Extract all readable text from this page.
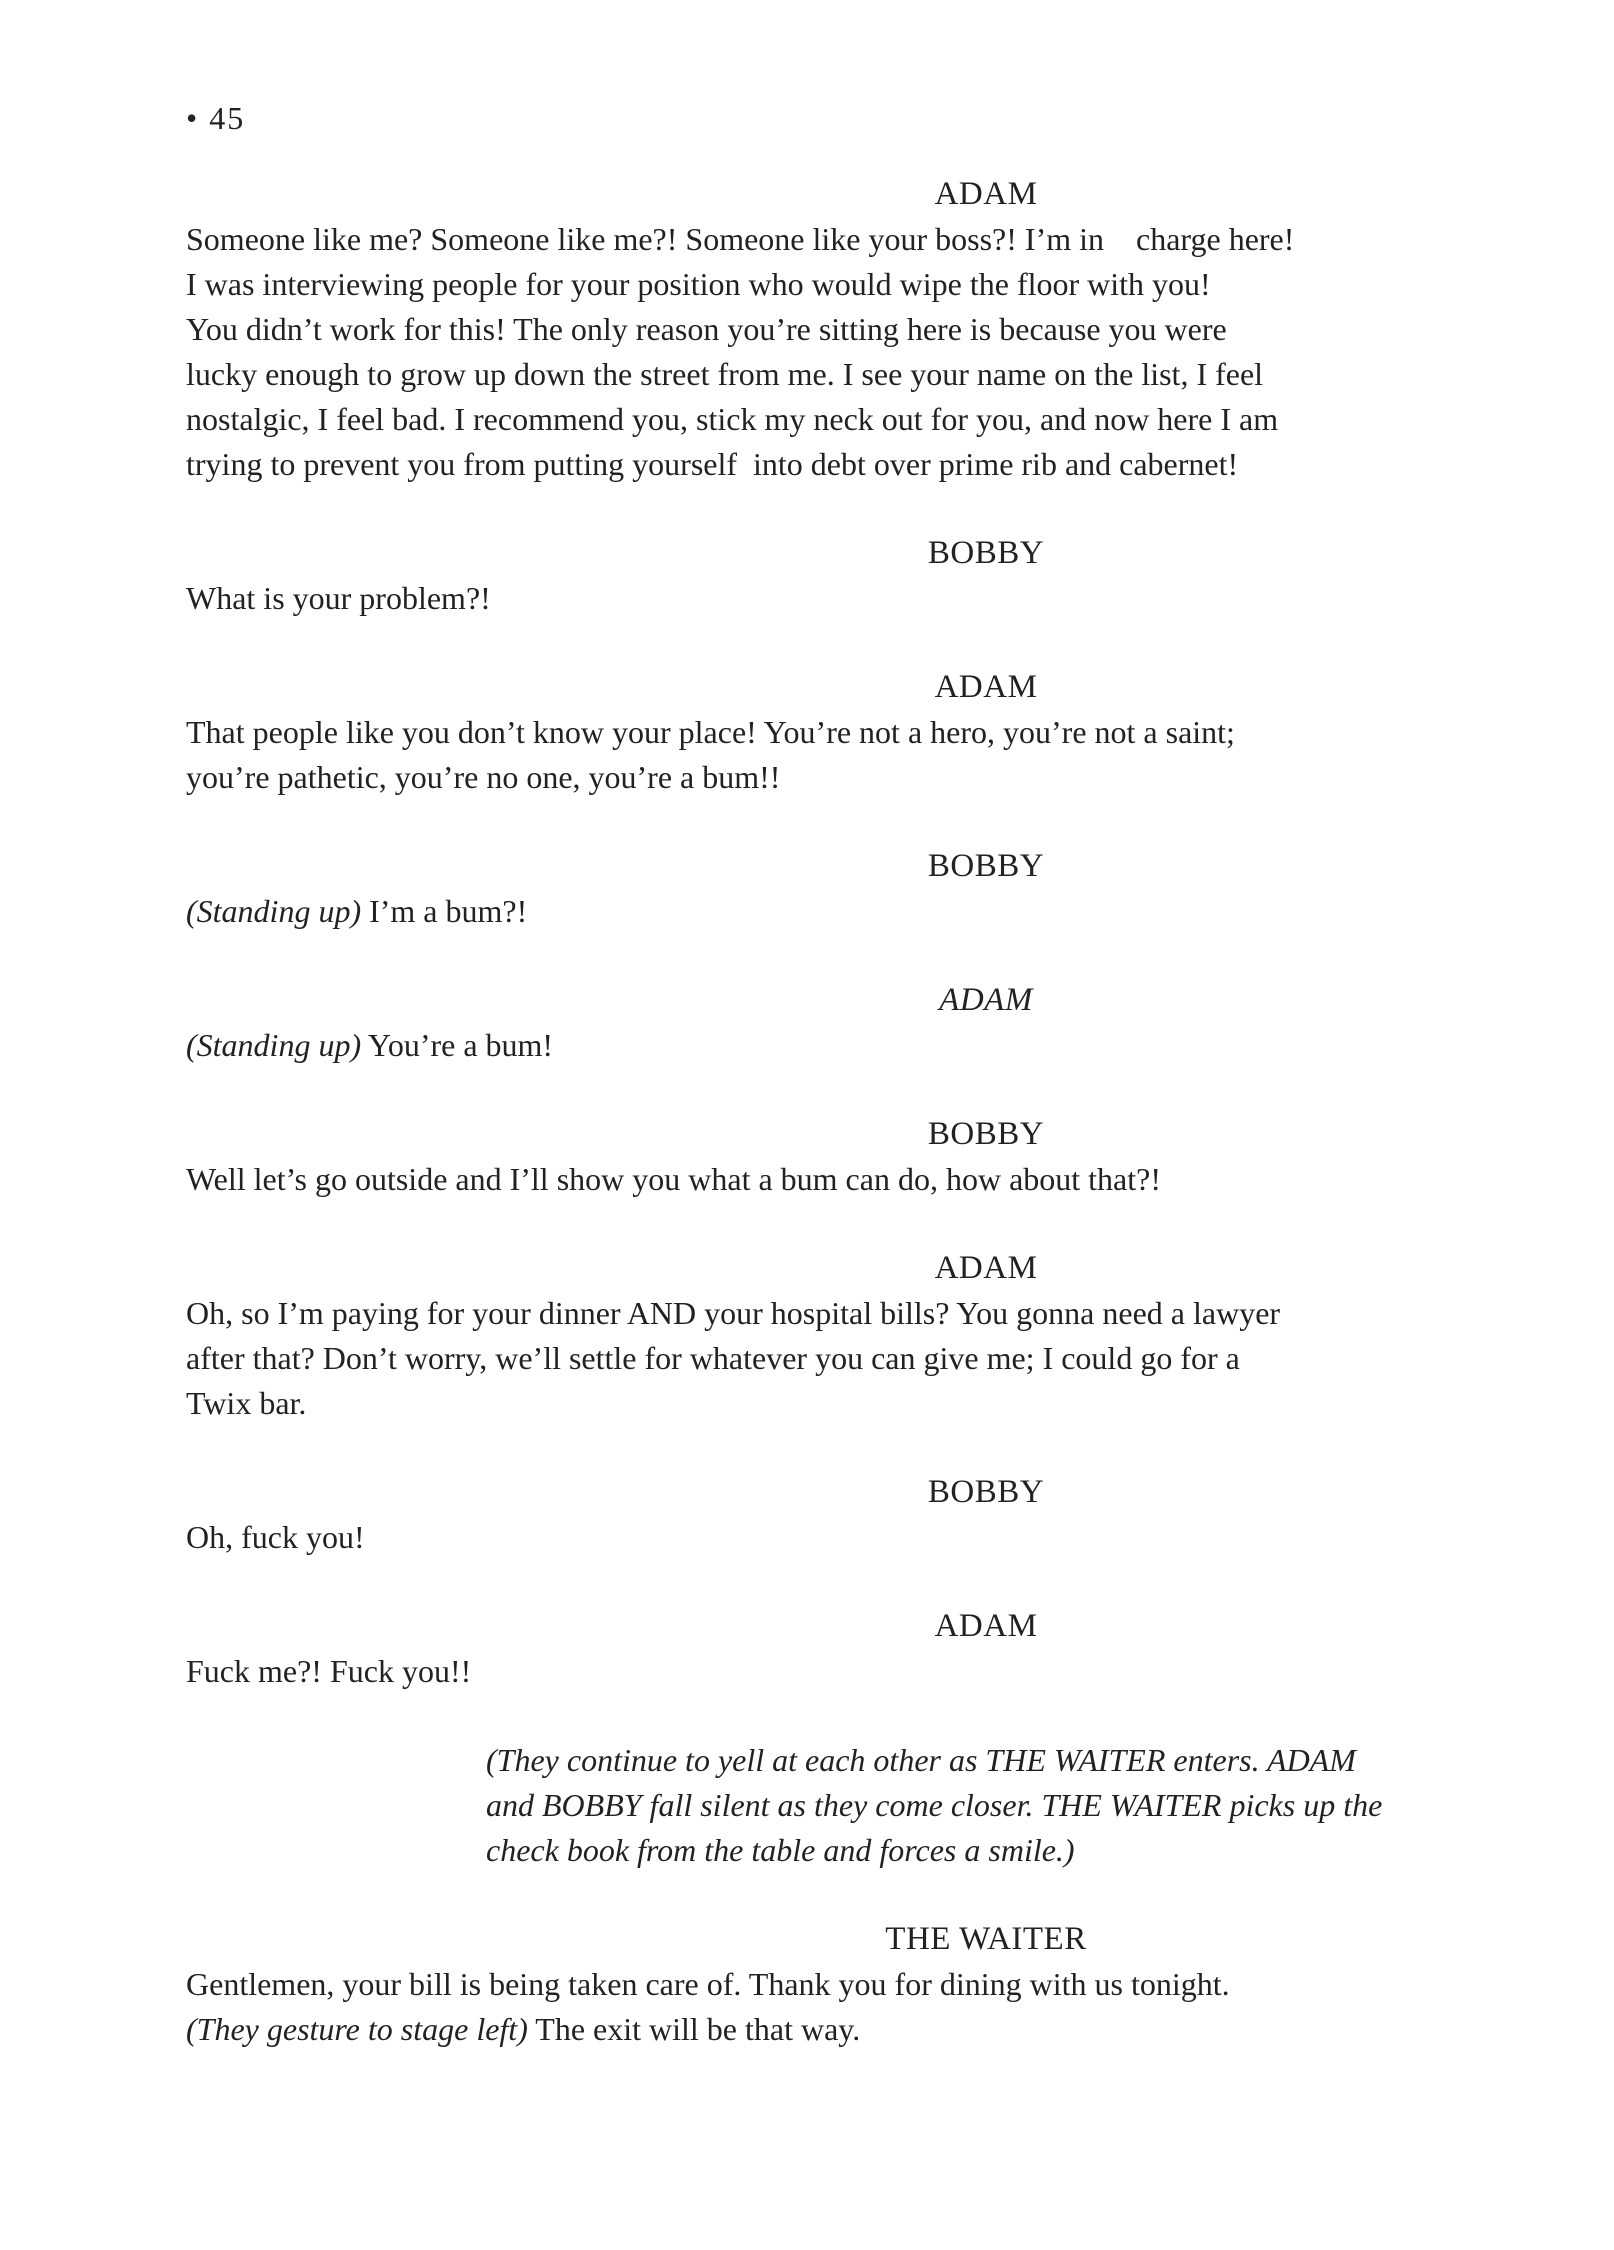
• 45
ADAM
Someone like me? Someone like me?! Someone like your boss?! I’m in    charge here!
I was interviewing people for your position who would wipe the floor with you!
You didn’t work for this! The only reason you’re sitting here is because you were
lucky enough to grow up down the street from me. I see your name on the list, I feel
nostalgic, I feel bad. I recommend you, stick my neck out for you, and now here I am
trying to prevent you from putting yourself  into debt over prime rib and cabernet!
BOBBY
What is your problem?!
ADAM
That people like you don’t know your place! You’re not a hero, you’re not a saint;
you’re pathetic, you’re no one, you’re a bum!!
BOBBY
(Standing up) I’m a bum?!
ADAM
(Standing up) You’re a bum!
BOBBY
Well let’s go outside and I’ll show you what a bum can do, how about that?!
ADAM
Oh, so I’m paying for your dinner AND your hospital bills? You gonna need a lawyer
after that? Don’t worry, we’ll settle for whatever you can give me; I could go for a
Twix bar.
BOBBY
Oh, fuck you!
ADAM
Fuck me?! Fuck you!!
(They continue to yell at each other as THE WAITER enters. ADAM
and BOBBY fall silent as they come closer. THE WAITER picks up the
check book from the table and forces a smile.)
THE WAITER
Gentlemen, your bill is being taken care of. Thank you for dining with us tonight.
(They gesture to stage left) The exit will be that way.
